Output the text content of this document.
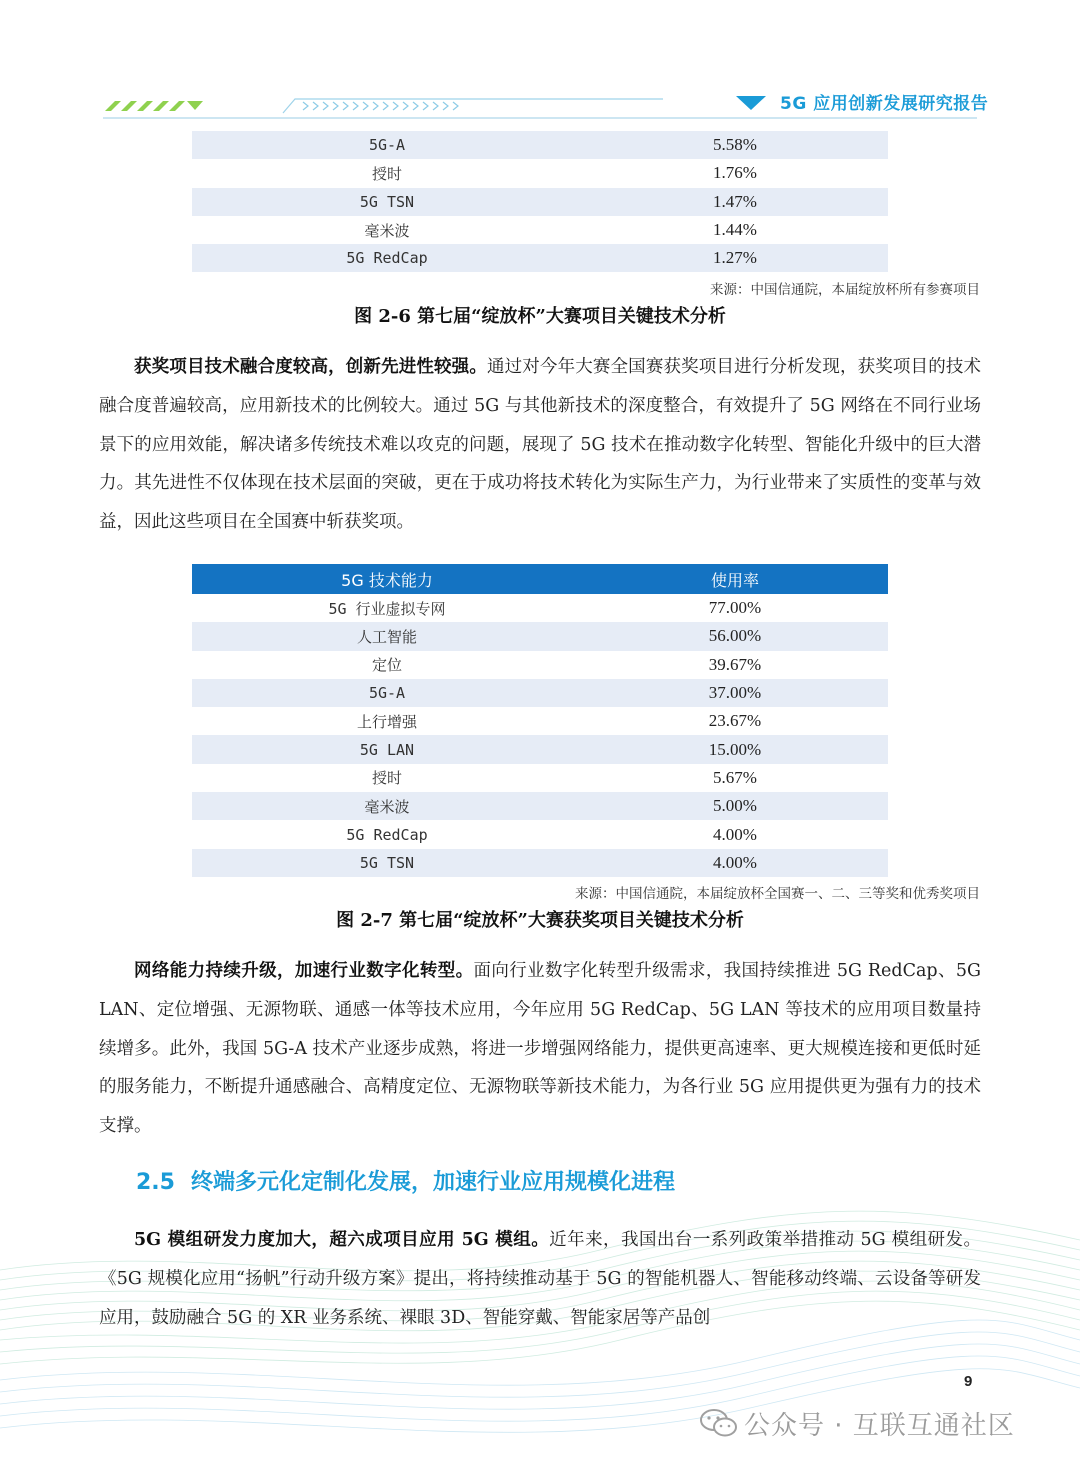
5G 应用创新发展研究报告
5G-A	5.58%
授时	1.76%
5G TSN	1.47%
毫米波	1.44%
5G RedCap	1.27%
来源：中国信通院，本届绽放杯所有参赛项目
图 2-6 第七届“绽放杯”大赛项目关键技术分析

获奖项目技术融合度较高，创新先进性较强。通过对今年大赛全国赛获奖项目进行分析发现，获奖项目的技术融合度普遍较高，应用新技术的比例较大。通过 5G 与其他新技术的深度整合，有效提升了 5G 网络在不同行业场景下的应用效能，解决诸多传统技术难以攻克的问题，展现了 5G 技术在推动数字化转型、智能化升级中的巨大潜力。其先进性不仅体现在技术层面的突破，更在于成功将技术转化为实际生产力，为行业带来了实质性的变革与效益，因此这些项目在全国赛中斩获奖项。

5G 技术能力	使用率
5G 行业虚拟专网	77.00%
人工智能	56.00%
定位	39.67%
5G-A	37.00%
上行增强	23.67%
5G LAN	15.00%
授时	5.67%
毫米波	5.00%
5G RedCap	4.00%
5G TSN	4.00%
来源：中国信通院，本届绽放杯全国赛一、二、三等奖和优秀奖项目
图 2-7 第七届“绽放杯”大赛获奖项目关键技术分析

网络能力持续升级，加速行业数字化转型。面向行业数字化转型升级需求，我国持续推进 5G RedCap、5G LAN、定位增强、无源物联、通感一体等技术应用，今年应用 5G RedCap、5G LAN 等技术的应用项目数量持续增多。此外，我国 5G-A 技术产业逐步成熟，将进一步增强网络能力，提供更高速率、更大规模连接和更低时延的服务能力，不断提升通感融合、高精度定位、无源物联等新技术能力，为各行业 5G 应用提供更为强有力的技术支撑。

2.5 终端多元化定制化发展，加速行业应用规模化进程

5G 模组研发力度加大，超六成项目应用 5G 模组。近年来，我国出台一系列政策举措推动 5G 模组研发。《5G 规模化应用“扬帆”行动升级方案》提出，将持续推动基于 5G 的智能机器人、智能移动终端、云设备等研发应用，鼓励融合 5G 的 XR 业务系统、裸眼 3D、智能穿戴、智能家居等产品创

9
公众号 · 互联互通社区
